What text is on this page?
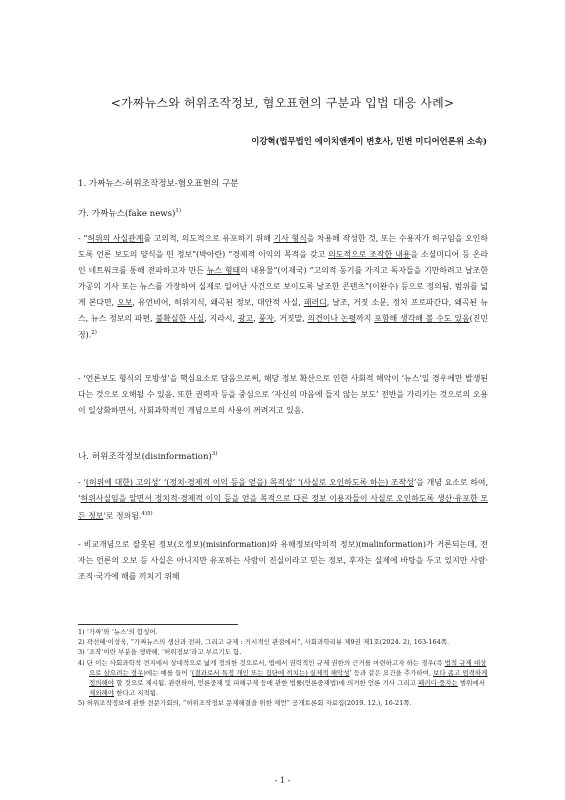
<가짜뉴스와 허위조작정보, 혐오표현의 구분과 입법 대응 사례>
이강혁(법무법인 에이치앤케이 변호사, 민변 미디어언론위 소속)
1. 가짜뉴스-허위조작정보-혐오표현의 구분
가. 가짜뉴스(fake news)$^{1)}$
- “허위의 사실관계를 고의적, 의도적으로 유포하기 위해 기사 형식을 차용해 작성한 것, 또는 수용자가 허구임을 오인하도록 언론 보도의 양식을 띤 정보”(박아란) “경제적 이익의 목적을 갖고 의도적으로 조작한 내용을 소셜미디어 등 온라인 네트워크를 통해 전파하고자 만든 뉴스 형태의 내용물”(이재국) “고의적 동기를 가지고 독자들을 기만하려고 날조한 가공의 기사 또는 뉴스를 가장하여 실제로 일어난 사건으로 보이도록 날조한 콘텐츠”(이완수) 등으로 정의됨. 범위를 넓게 본다면, 오보, 유언비어, 허위지식, 왜곡된 정보, 대안적 사실, 패러디, 날조, 거짓 소문, 정치 프로파간다, 왜곡된 뉴스, 뉴스 정보의 파편, 불확실한 사실, 지라시, 광고, 풍자, 거짓말, 의견이나 논평까지 포함해 생각해 볼 수도 있음(진민정).$^{2)}$
- ‘언론보도 형식의 모방성’을 핵심요소로 담음으로써, 해당 정보 확산으로 인한 사회적 해악이 ‘뉴스’일 경우에만 발생된다는 것으로 오해될 수 있음. 또한 권력자 등을 중심으로 ‘자신의 마음에 들지 않는 보도’ 전반을 가리키는 것으로의 오용이 일상화하면서, 사회과학적인 개념으로의 사용이 꺼려지고 있음.
나. 허위조작정보(disinformation)$^{3)}$
- ‘(허위에 대한) 고의성’ ‘(정치·경제적 이익 등을 얻을) 목적성’ ‘(사실로 오인하도록 하는) 조작성’을 개념 요소로 하여, ‘허위사실임을 알면서 정치적·경제적 이익 등을 얻을 목적으로 다른 정보 이용자들이 사실로 오인하도록 생산·유포한 모든 정보’로 정의됨.$^{4)5)}$
- 비교개념으로 잘못된 정보(오정보)(misinformation)와 유해정보(악의적 정보)(malinformation)가 거론되는데, 전자는 언론의 오보 등 사실은 아니지만 유포하는 사람이 진실이라고 믿는 정보, 후자는 실제에 바탕을 두고 있지만 사람·조직·국가에 해를 끼치기 위해
1) ‘가짜’와 ‘뉴스’의 합성어.
2) 곽선혜·이성욱, “가짜뉴스의 생산과 전파, 그리고 규제 : 거시적인 관점에서”, 사회과학리뷰 제9권 제1호(2024. 2), 163-164쪽.
3) ‘조작’이란 부분을 생략해, ‘허위정보’라고 부르기도 함.
4) 단 이는 사회과학적 견지에서 상대적으로 넓게 정의한 것으로서, 법에서 권력적인 규제 권한의 근거를 마련하고자 하는 경우(즉 법적 규제 대상으로 삼으려는 경우)에는 예를 들어 ‘(결과로서 특정 개인 또는 집단에 끼치는) 실제적 해악성’ 등과 같은 요건을 추가하여, 보다 좁고 엄격하게 정의해야 할 것으로 제시됨. 관련하여, 언론중재 및 피해구제 등에 관한 법률(언론중재법)에 의거한 언론 기사 그리고 패러디·풍자는 범위에서 제외해야 한다고 지적됨.
5) 허위조작정보에 관한 전문가회의, “허위조작정보 문제해결을 위한 제언” 공개토론회 자료집(2019. 12.), 16-21쪽.
- 1 -
